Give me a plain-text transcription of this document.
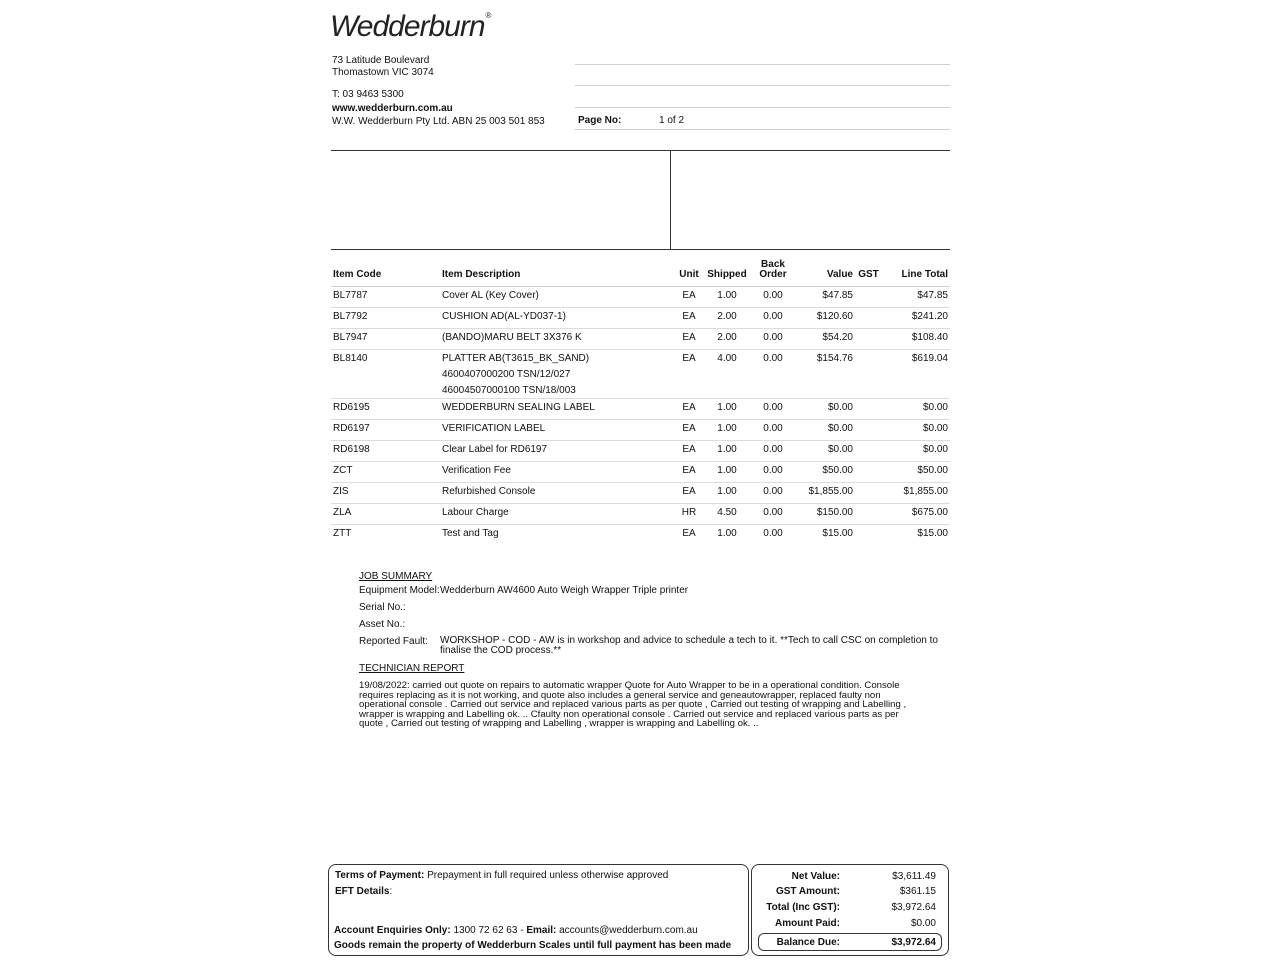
Wedderburn®
73 Latitude Boulevard
Thomastown VIC 3074
T: 03 9463 5300
www.wedderburn.com.au
W.W. Wedderburn Pty Ltd. ABN 25 003 501 853	Page No:	1 of 2
Item Code	Item Description	Unit	Shipped	Back Order	Value	GST	Line Total
BL7787	Cover AL (Key Cover)	EA	1.00	0.00	$47.85		$47.85
BL7792	CUSHION AD(AL-YD037-1)	EA	2.00	0.00	$120.60		$241.20
BL7947	(BANDO)MARU BELT 3X376 K	EA	2.00	0.00	$54.20		$108.40
BL8140	PLATTER AB(T3615_BK_SAND)
4600407000200 TSN/12/027
46004507000100 TSN/18/003	EA	4.00	0.00	$154.76		$619.04
RD6195	WEDDERBURN SEALING LABEL	EA	1.00	0.00	$0.00		$0.00
RD6197	VERIFICATION LABEL	EA	1.00	0.00	$0.00		$0.00
RD6198	Clear Label for RD6197	EA	1.00	0.00	$0.00		$0.00
ZCT	Verification Fee	EA	1.00	0.00	$50.00		$50.00
ZIS	Refurbished Console	EA	1.00	0.00	$1,855.00		$1,855.00
ZLA	Labour Charge	HR	4.50	0.00	$150.00		$675.00
ZTT	Test and Tag	EA	1.00	0.00	$15.00		$15.00
JOB SUMMARY
Equipment Model: Wedderburn AW4600 Auto Weigh Wrapper Triple printer
Serial No.:
Asset No.:
Reported Fault: WORKSHOP - COD - AW is in workshop and advice to schedule a tech to it. **Tech to call CSC on completion to
finalise the COD process.**
TECHNICIAN REPORT
19/08/2022: carried out quote on repairs to automatic wrapper Quote for Auto Wrapper to be in a operational condition. Console
requires replacing as it is not working, and quote also includes a general service and geneautowrapper, replaced faulty non
operational console . Carried out service and replaced various parts as per quote , Carried out testing of wrapping and Labelling ,
wrapper is wrapping and Labelling ok. .. Cfaulty non operational console . Carried out service and replaced various parts as per
quote , Carried out testing of wrapping and Labelling , wrapper is wrapping and Labelling ok. ..
Terms of Payment: Prepayment in full required unless otherwise approved
EFT Details:
Account Enquiries Only: 1300 72 62 63 - Email: accounts@wedderburn.com.au
Goods remain the property of Wedderburn Scales until full payment has been made
Net Value:	$3,611.49
GST Amount:	$361.15
Total (Inc GST):	$3,972.64
Amount Paid:	$0.00
Balance Due:	$3,972.64
